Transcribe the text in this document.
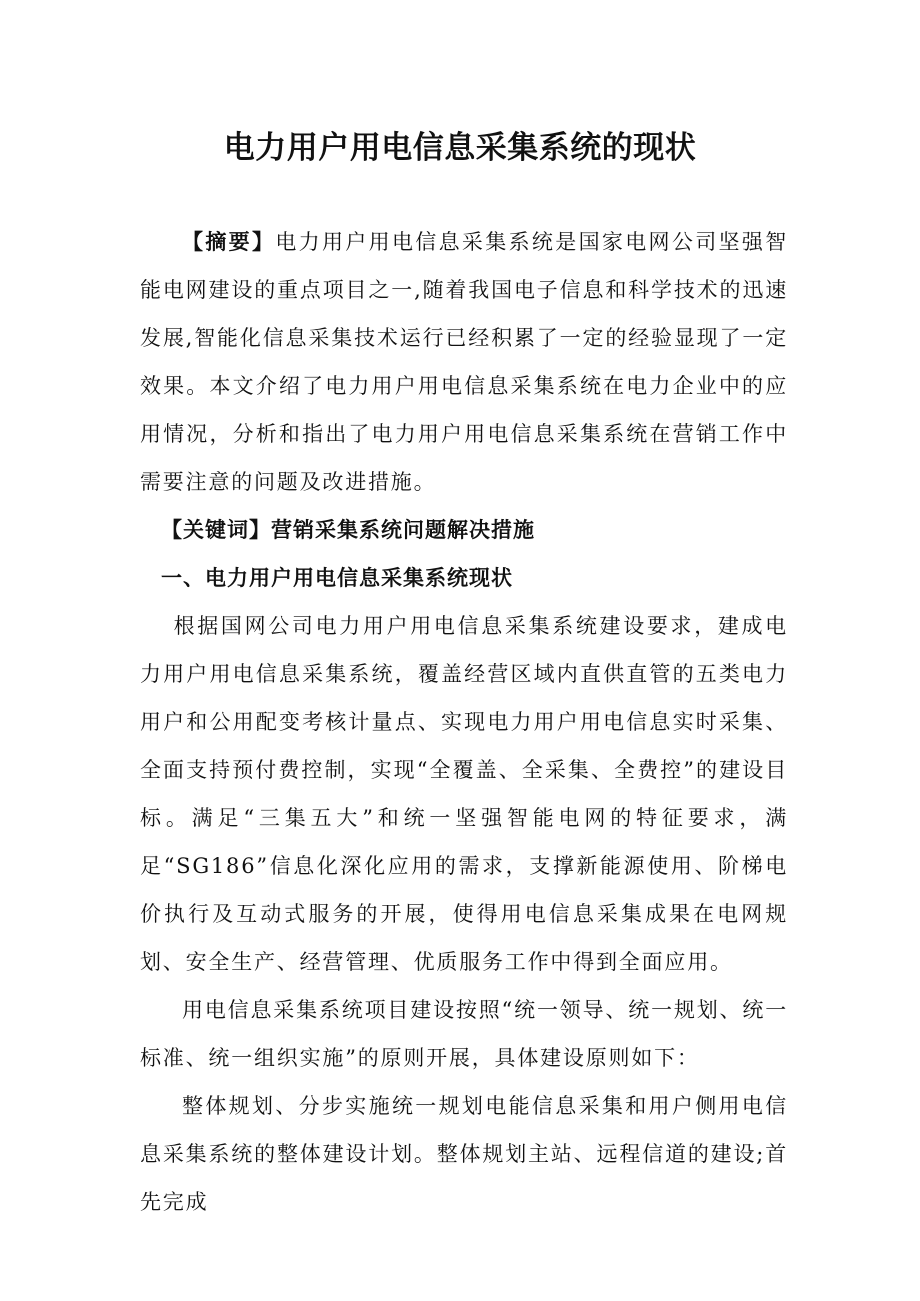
电力用户用电信息采集系统的现状

【摘要】电力用户用电信息采集系统是国家电网公司坚强智能电网建设的重点项目之一,随着我国电子信息和科学技术的迅速发展,智能化信息采集技术运行已经积累了一定的经验显现了一定效果。本文介绍了电力用户用电信息采集系统在电力企业中的应用情况，分析和指出了电力用户用电信息采集系统在营销工作中需要注意的问题及改进措施。

【关键词】营销采集系统问题解决措施

一、电力用户用电信息采集系统现状

根据国网公司电力用户用电信息采集系统建设要求，建成电力用户用电信息采集系统，覆盖经营区域内直供直管的五类电力用户和公用配变考核计量点、实现电力用户用电信息实时采集、全面支持预付费控制，实现“全覆盖、全采集、全费控”的建设目标。满足“三集五大”和统一坚强智能电网的特征要求，满足“SG186”信息化深化应用的需求，支撑新能源使用、阶梯电价执行及互动式服务的开展，使得用电信息采集成果在电网规划、安全生产、经营管理、优质服务工作中得到全面应用。

用电信息采集系统项目建设按照“统一领导、统一规划、统一标准、统一组织实施”的原则开展，具体建设原则如下：

整体规划、分步实施统一规划电能信息采集和用户侧用电信息采集系统的整体建设计划。整体规划主站、远程信道的建设;首先完成
